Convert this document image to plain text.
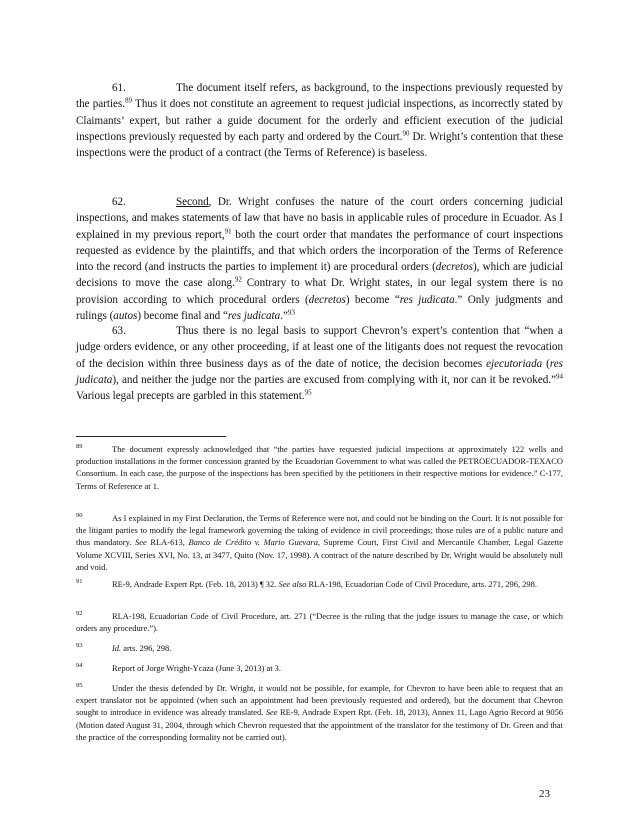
61.	The document itself refers, as background, to the inspections previously requested by the parties.$^{89}$ Thus it does not constitute an agreement to request judicial inspections, as incorrectly stated by Claimants’ expert, but rather a guide document for the orderly and efficient execution of the judicial inspections previously requested by each party and ordered by the Court.$^{90}$ Dr. Wright’s contention that these inspections were the product of a contract (the Terms of Reference) is baseless.

62.	Second, Dr. Wright confuses the nature of the court orders concerning judicial inspections, and makes statements of law that have no basis in applicable rules of procedure in Ecuador. As I explained in my previous report,$^{91}$ both the court order that mandates the performance of court inspections requested as evidence by the plaintiffs, and that which orders the incorporation of the Terms of Reference into the record (and instructs the parties to implement it) are procedural orders (decretos), which are judicial decisions to move the case along.$^{92}$ Contrary to what Dr. Wright states, in our legal system there is no provision according to which procedural orders (decretos) become “res judicata.” Only judgments and rulings (autos) become final and “res judicata.”$^{93}$

63.	Thus there is no legal basis to support Chevron’s expert’s contention that “when a judge orders evidence, or any other proceeding, if at least one of the litigants does not request the revocation of the decision within three business days as of the date of notice, the decision becomes ejecutoriada (res judicata), and neither the judge nor the parties are excused from complying with it, nor can it be revoked.”$^{94}$ Various legal precepts are garbled in this statement.$^{95}$

89	The document expressly acknowledged that “the parties have requested judicial inspections at approximately 122 wells and production installations in the former concession granted by the Ecuadorian Government to what was called the PETROECUADOR-TEXACO Consortium. In each case, the purpose of the inspections has been specified by the petitioners in their respective motions for evidence.” C-177, Terms of Reference at 1.
90	As I explained in my First Declaration, the Terms of Reference were not, and could not be binding on the Court. It is not possible for the litigant parties to modify the legal framework governing the taking of evidence in civil proceedings; those rules are of a public nature and thus mandatory. See RLA-613, Banco de Crédito v. Mario Guevara, Supreme Court, First Civil and Mercantile Chamber, Legal Gazette Volume XCVIII, Series XVI, No. 13, at 3477, Quito (Nov. 17, 1998). A contract of the nature described by Dr. Wright would be absolutely null and void.
91	RE-9, Andrade Expert Rpt. (Feb. 18, 2013) ¶ 32. See also RLA-198, Ecuadorian Code of Civil Procedure, arts. 271, 296, 298.
92	RLA-198, Ecuadorian Code of Civil Procedure, art. 271 (“Decree is the ruling that the judge issues to manage the case, or which orders any procedure.”).
93	Id. arts. 296, 298.
94	Report of Jorge Wright-Ycaza (June 3, 2013) at 3.
95	Under the thesis defended by Dr. Wright, it would not be possible, for example, for Chevron to have been able to request that an expert translator not be appointed (when such an appointment had been previously requested and ordered), but the document that Chevron sought to introduce in evidence was already translated. See RE-9, Andrade Expert Rpt. (Feb. 18, 2013), Annex 11, Lago Agrio Record at 9056 (Motion dated August 31, 2004, through which Chevron requested that the appointment of the translator for the testimony of Dr. Green and that the practice of the corresponding formality not be carried out).
23
